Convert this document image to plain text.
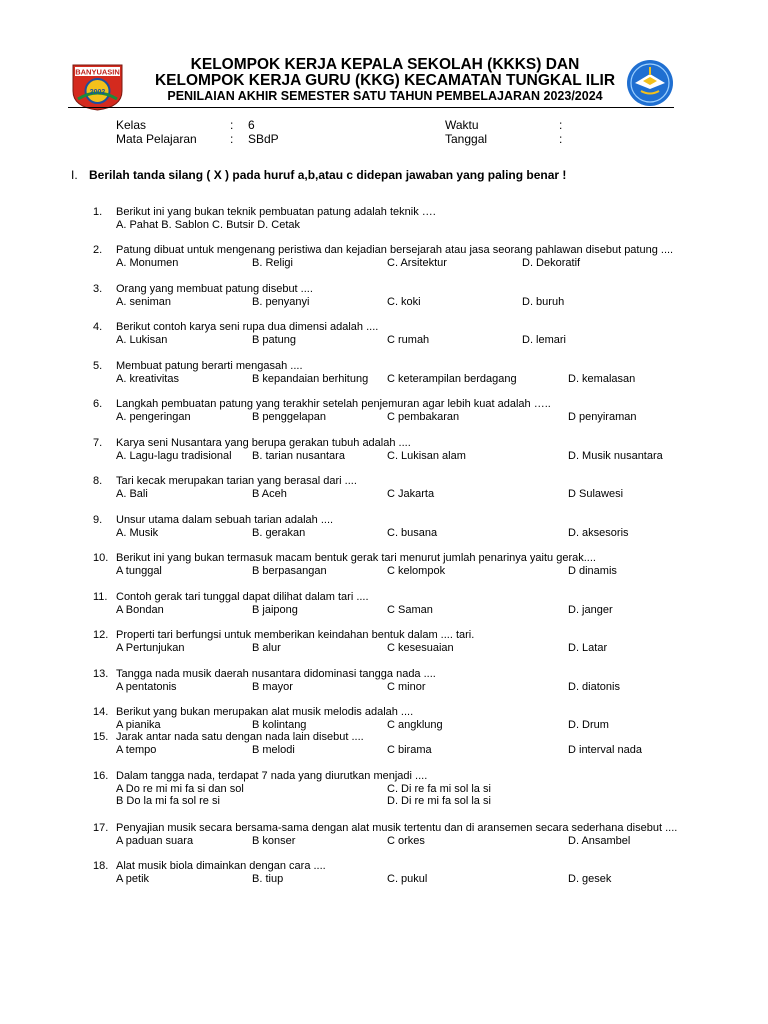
BANYUASIN
2002
KELOMPOK KERJA KEPALA SEKOLAH (KKKS) DAN
KELOMPOK KERJA GURU (KKG) KECAMATAN TUNGKAL ILIR
PENILAIAN AKHIR SEMESTER SATU TAHUN PEMBELAJARAN 2023/2024
Kelas	: 6
Mata Pelajaran	: SBdP
Waktu	:
Tanggal	:
I. Berilah tanda silang ( X ) pada huruf a,b,atau c didepan jawaban yang paling benar !
1.	Berikut ini yang bukan teknik pembuatan patung adalah teknik ….
A. Pahat B. Sablon C. Butsir D. Cetak
2.	Patung dibuat untuk mengenang peristiwa dan kejadian bersejarah atau jasa seorang pahlawan disebut patung ....
A. Monumen	B. Religi	C. Arsitektur	D. Dekoratif
3.	Orang yang membuat patung disebut ....
A. seniman	B. penyanyi	C. koki	D. buruh
4.	Berikut contoh karya seni rupa dua dimensi adalah ....
A. Lukisan	B patung	C rumah	D. lemari
5.	Membuat patung berarti mengasah ....
A. kreativitas	B kepandaian berhitung C keterampilan berdagang	D. kemalasan
6.	Langkah pembuatan patung yang terakhir setelah penjemuran agar lebih kuat adalah …..
A. pengeringan	B penggelapan	C pembakaran	D penyiraman
7.	Karya seni Nusantara yang berupa gerakan tubuh adalah ....
A. Lagu-lagu tradisional B. tarian nusantara	C. Lukisan alam	D. Musik nusantara
8.	Tari kecak merupakan tarian yang berasal dari ....
A. Bali	B Aceh	C Jakarta	D Sulawesi
9.	Unsur utama dalam sebuah tarian adalah ....
A. Musik	B. gerakan	C. busana	D. aksesoris
10. Berikut ini yang bukan termasuk macam bentuk gerak tari menurut jumlah penarinya yaitu gerak....
A tunggal	B berpasangan	C kelompok	D dinamis
11. Contoh gerak tari tunggal dapat dilihat dalam tari ....
A Bondan	B jaipong	C Saman	D. janger
12. Properti tari berfungsi untuk memberikan keindahan bentuk dalam .... tari.
A Pertunjukan	B alur	C kesesuaian	D. Latar
13. Tangga nada musik daerah nusantara didominasi tangga nada ....
A pentatonis	B mayor	C minor	D. diatonis
14. Berikut yang bukan merupakan alat musik melodis adalah ....
A pianika	B kolintang	C angklung	D. Drum
15. Jarak antar nada satu dengan nada lain disebut ....
A tempo	B melodi	C birama	D interval nada
16. Dalam tangga nada, terdapat 7 nada yang diurutkan menjadi ....
A Do re mi mi fa si dan sol
B Do la mi fa sol re si
C. Di re fa mi sol la si
D. Di re mi fa sol la si
17. Penyajian musik secara bersama-sama dengan alat musik tertentu dan di aransemen secara sederhana disebut ....
A paduan suara	B konser	C orkes	D. Ansambel
18. Alat musik biola dimainkan dengan cara ....
A petik	B. tiup	C. pukul	D. gesek
